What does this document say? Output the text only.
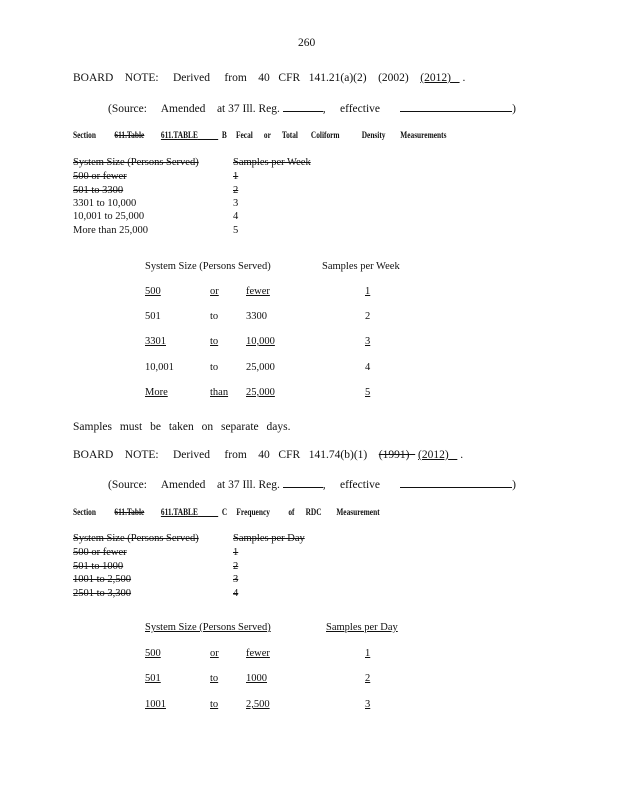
260
BOARD NOTE: Derived from 40 CFR 141.21(a)(2) (2002) (2012) .
(Source: Amended at 37 Ill. Reg.	, effective	)
Section 611.Table 611.TABLE	B Fecal or Total Coliform Density Measurements
System Size (Persons Served)	Samples per Week
500 or fewer	1
501 to 3300	2
3301 to 10,000	3
10,001 to 25,000	4
More than 25,000	5
System Size (Persons Served)	Samples per Week
500	or	fewer	1
501	to	3300	2
3301	to	10,000	3
10,001	to	25,000	4
More	than 25,000	5
Samples must be taken on separate days.
BOARD NOTE: Derived from 40 CFR 141.74(b)(1) (1991) (2012) .
(Source: Amended at 37 Ill. Reg.	, effective	)
Section 611.Table 611.TABLE	C Frequency of RDC Measurement
System Size (Persons Served)	Samples per Day
500 or fewer	1
501 to 1000	2
1001 to 2,500	3
2501 to 3,300	4
System Size (Persons Served)	Samples per Day
500	or	fewer	1
501	to	1000	2
1001	to	2,500	3
